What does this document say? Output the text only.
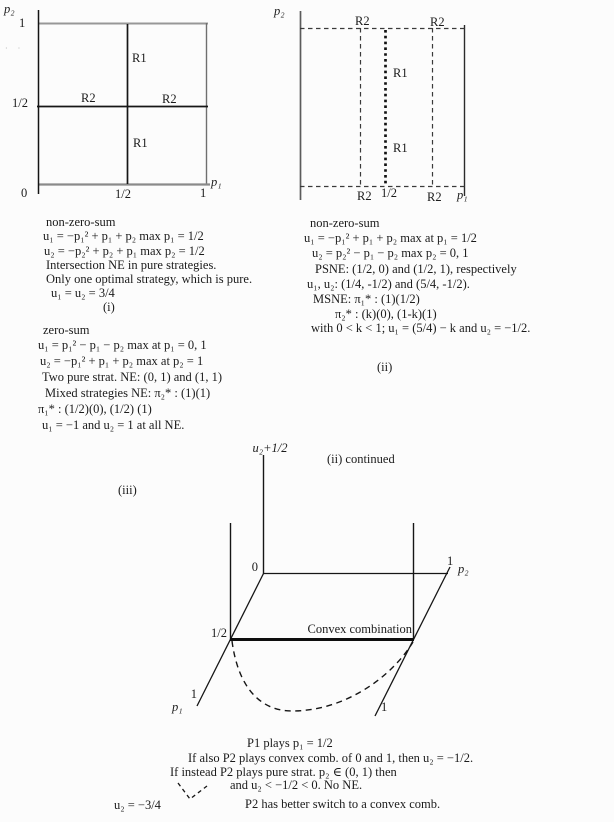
· ·
p₂
1
1/2	R2	R2
R1
R1
0	1/2	1
p₁
p₂
R2	R2
R1
R1
R2 1/2 R2 p₁
non-zero-sum
u₁ = −p₁² + p₁ + p₂ max p₁ = 1/2
u₂ = −p₂² + p₂ + p₁ max p₂ = 1/2
Intersection NE in pure strategies.
Only one optimal strategy, which is pure.
u₁ = u₂ = 3/4
(i)
zero-sum
u₁ = p₁² − p₁ − p₂ max at p₁ = 0, 1
u₂ = −p₁² + p₁ + p₂ max at p₂ = 1
Two pure strat. NE: (0, 1) and (1, 1)
Mixed strategies NE: π₂* : (1)(1)
π₁* : (1/2)(0), (1/2) (1)
u₁ = −1 and u₂ = 1 at all NE.
non-zero-sum
u₁ = −p₁² + p₁ + p₂ max at p₁ = 1/2
u₂ = p₂² − p₁ − p₂ max p₂ = 0, 1
PSNE: (1/2, 0) and (1/2, 1), respectively
u₁, u₂: (1/4, -1/2) and (5/4, -1/2).
MSNE: π₁* : (1)(1/2)
π₂* : (k)(0), (1-k)(1)
with 0 < k < 1; u₁ = (5/4) − k and u₂ = −1/2.
(ii)
(ii) continued
(iii)
u₂ = −3/4
u₂+1/2
0	1
p₂
1/2	Convex combination
1
p₁	1
P1 plays p₁ = 1/2
If also P2 plays convex comb. of 0 and 1, then u₂ = −1/2.
If instead P2 plays pure strat. p₂ ∈ (0, 1) then
and u₂ < −1/2 < 0. No NE.
P2 has better switch to a convex comb.
